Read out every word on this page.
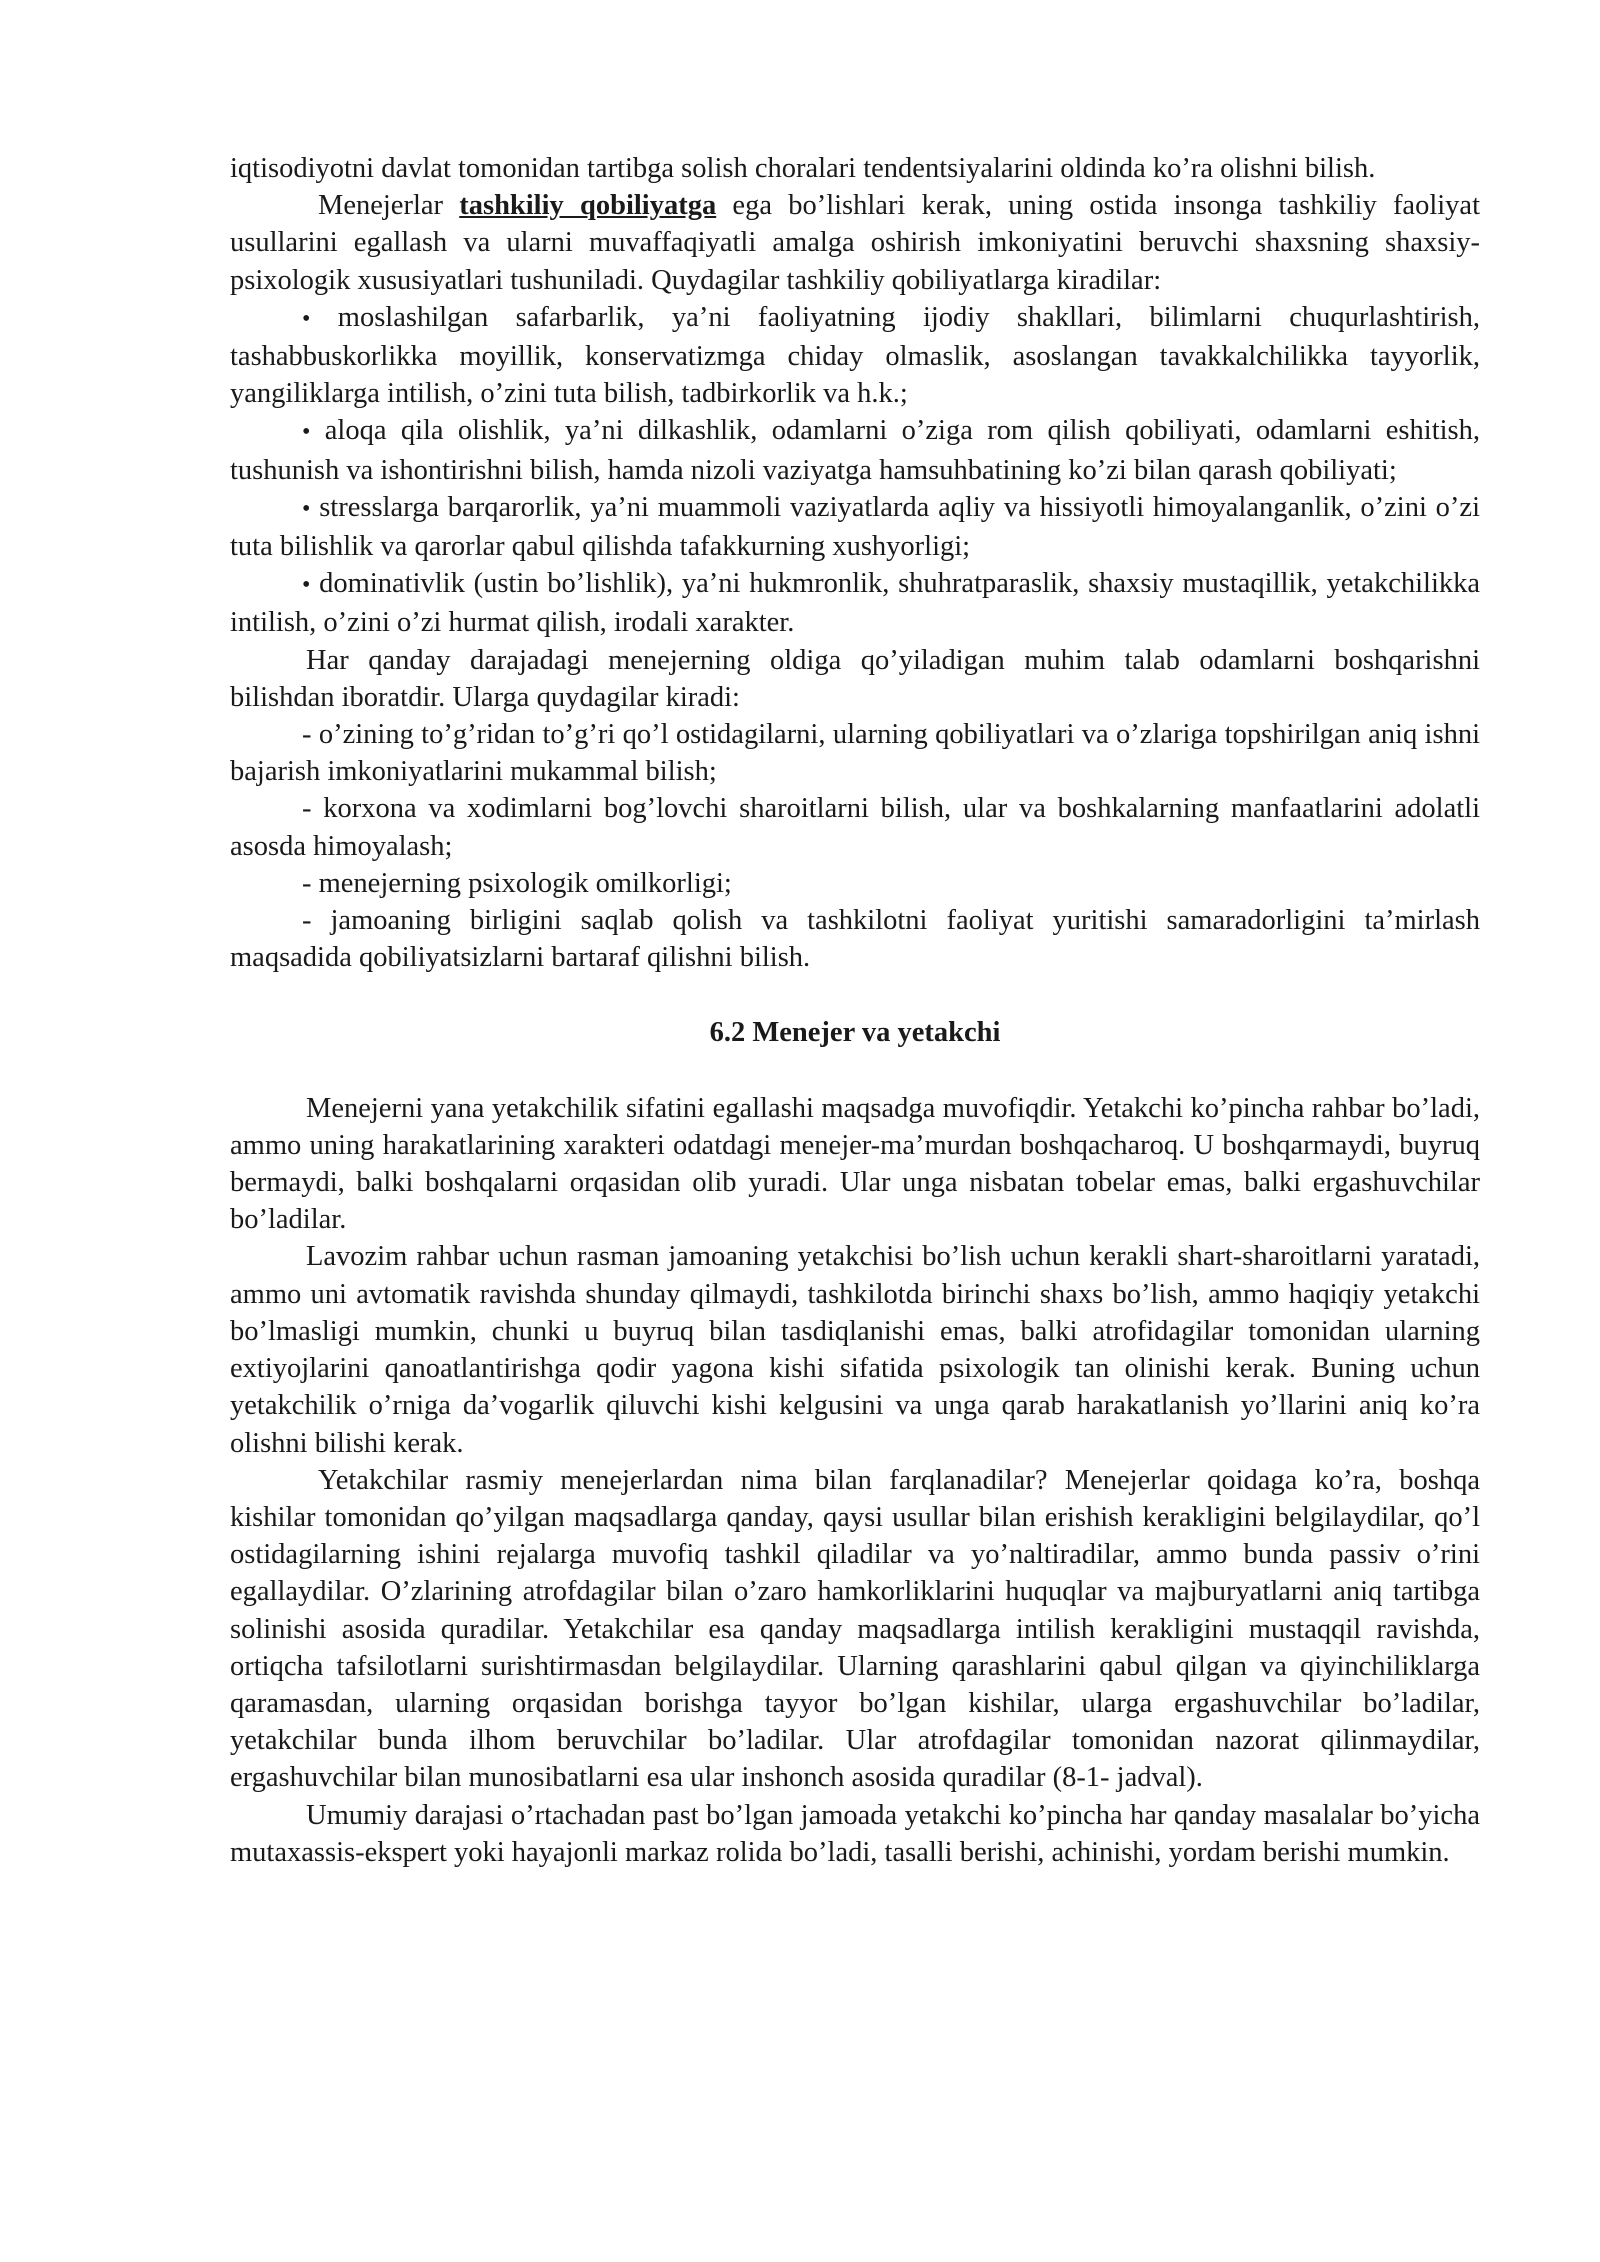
iqtisodiyotni davlat tomonidan tartibga solish choralari tendentsiyalarini oldinda ko’ra olishni bilish.

Menejerlar tashkiliy qobiliyatga ega bo’lishlari kerak, uning ostida insonga tashkiliy faoliyat usullarini egallash va ularni muvaffaqiyatli amalga oshirish imkoniyatini beruvchi shaxsning shaxsiy-psixologik xususiyatlari tushuniladi. Quydagilar tashkiliy qobiliyatlarga kiradilar:

• moslashilgan safarbarlik, ya’ni faoliyatning ijodiy shakllari, bilimlarni chuqurlashtirish, tashabbuskorlikka moyillik, konservatizmga chiday olmaslik, asoslangan tavakkalchilikka tayyorlik, yangiliklarga intilish, o’zini tuta bilish, tadbirkorlik va h.k.;

• aloqa qila olishlik, ya’ni dilkashlik, odamlarni o’ziga rom qilish qobiliyati, odamlarni eshitish, tushunish va ishontirishni bilish, hamda nizoli vaziyatga hamsuhbatining ko’zi bilan qarash qobiliyati;

• stresslarga barqarorlik, ya’ni muammoli vaziyatlarda aqliy va hissiyotli himoyalanganlik, o’zini o’zi tuta bilishlik va qarorlar qabul qilishda tafakkurning xushyorligi;

• dominativlik (ustin bo’lishlik), ya’ni hukmronlik, shuhratparaslik, shaxsiy mustaqillik, yetakchilikka intilish, o’zini o’zi hurmat qilish, irodali xarakter.

Har qanday darajadagi menejerning oldiga qo’yiladigan muhim talab odamlarni boshqarishni bilishdan iboratdir. Ularga quydagilar kiradi:

- o’zining to’g’ridan to’g’ri qo’l ostidagilarni, ularning qobiliyatlari va o’zlariga topshirilgan aniq ishni bajarish imkoniyatlarini mukammal bilish;

- korxona va xodimlarni bog’lovchi sharoitlarni bilish, ular va boshkalarning manfaatlarini adolatli asosda himoyalash;

- menejerning psixologik omilkorligi;

- jamoaning birligini saqlab qolish va tashkilotni faoliyat yuritishi samaradorligini ta’mirlash maqsadida qobiliyatsizlarni bartaraf qilishni bilish.

6.2 Menejer va yetakchi

Menejerni yana yetakchilik sifatini egallashi maqsadga muvofiqdir. Yetakchi ko’pincha rahbar bo’ladi, ammo uning harakatlarining xarakteri odatdagi menejer-ma’murdan boshqacharoq. U boshqarmaydi, buyruq bermaydi, balki boshqalarni orqasidan olib yuradi. Ular unga nisbatan tobelar emas, balki ergashuvchilar bo’ladilar.

Lavozim rahbar uchun rasman jamoaning yetakchisi bo’lish uchun kerakli shart-sharoitlarni yaratadi, ammo uni avtomatik ravishda shunday qilmaydi, tashkilotda birinchi shaxs bo’lish, ammo haqiqiy yetakchi bo’lmasligi mumkin, chunki u buyruq bilan tasdiqlanishi emas, balki atrofidagilar tomonidan ularning extiyojlarini qanoatlantirishga qodir yagona kishi sifatida psixologik tan olinishi kerak. Buning uchun yetakchilik o’rniga da’vogarlik qiluvchi kishi kelgusini va unga qarab harakatlanish yo’llarini aniq ko’ra olishni bilishi kerak.

Yetakchilar rasmiy menejerlardan nima bilan farqlanadilar? Menejerlar qoidaga ko’ra, boshqa kishilar tomonidan qo’yilgan maqsadlarga qanday, qaysi usullar bilan erishish kerakligini belgilaydilar, qo’l ostidagilarning ishini rejalarga muvofiq tashkil qiladilar va yo’naltiradilar, ammo bunda passiv o’rini egallaydilar. O’zlarining atrofdagilar bilan o’zaro hamkorliklarini huquqlar va majburyatlarni aniq tartibga solinishi asosida quradilar. Yetakchilar esa qanday maqsadlarga intilish kerakligini mustaqqil ravishda, ortiqcha tafsilotlarni surishtirmasdan belgilaydilar. Ularning qarashlarini qabul qilgan va qiyinchiliklarga qaramasdan, ularning orqasidan borishga tayyor bo’lgan kishilar, ularga ergashuvchilar bo’ladilar, yetakchilar bunda ilhom beruvchilar bo’ladilar. Ular atrofdagilar tomonidan nazorat qilinmaydilar, ergashuvchilar bilan munosibatlarni esa ular inshonch asosida quradilar (8-1- jadval).

Umumiy darajasi o’rtachadan past bo’lgan jamoada yetakchi ko’pincha har qanday masalalar bo’yicha mutaxassis-ekspert yoki hayajonli markaz rolida bo’ladi, tasalli berishi, achinishi, yordam berishi mumkin.
